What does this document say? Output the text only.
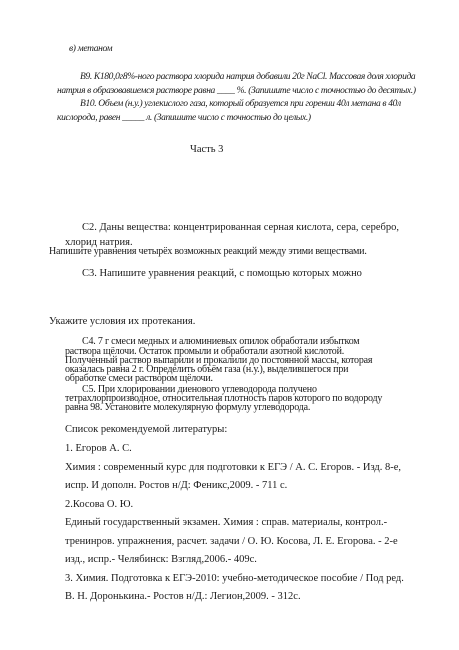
в) метаном
В9. К180,0г8%-ного раствора хлорида натрия добавили 20г NaCl. Массовая доля хлорида
натрия в образовавшемся растворе равна ____ %. (Запишите число с точностью до десятых.)
В10. Объем (н.у.) углекислого газа, который образуется при горении 40л метана в 40л
кислорода, равен _____ л. (Запишите число с точностью до целых.)
Часть 3
С2. Даны вещества: концентрированная серная кислота, сера, серебро,
хлорид натрия.
Напишите уравнения четырёх возможных реакций между этими веществами.
С3. Напишите уравнения реакций, с помощью которых можно
Укажите условия их протекания.
С4. 7 г смеси медных и алюминиевых опилок обработали избытком
раствора щёлочи. Остаток промыли и обработали азотной кислотой.
Полученный раствор выпарили и прокалили до постоянной массы, которая
оказалась равна 2 г. Определить объём газа (н.у.), выделившегося при
обработке смеси раствором щёлочи.
С5. При хлорировании диенового углеводорода получено
тетрахлорпроизводное, относительная плотность паров которого по водороду
равна 98. Установите молекулярную формулу углеводорода.
Список рекомендуемой литературы:
1. Егоров А. С.
Химия : современный курс для подготовки к ЕГЭ / А. С. Егоров. - Изд. 8-е,
испр. И дополн. Ростов н/Д: Феникс,2009. - 711 с.
2.Косова О. Ю.
Единый государственный экзамен. Химия : справ. материалы, контрол.-
тренинров. упражнения, расчет. задачи / О. Ю. Косова, Л. Е. Егорова. - 2-е
изд., испр.- Челябинск: Взгляд,2006.- 409с.
3. Химия. Подготовка к ЕГЭ-2010: учебно-методическое пособие / Под ред.
В. Н. Доронькина.- Ростов н/Д.: Легион,2009. - 312с.
